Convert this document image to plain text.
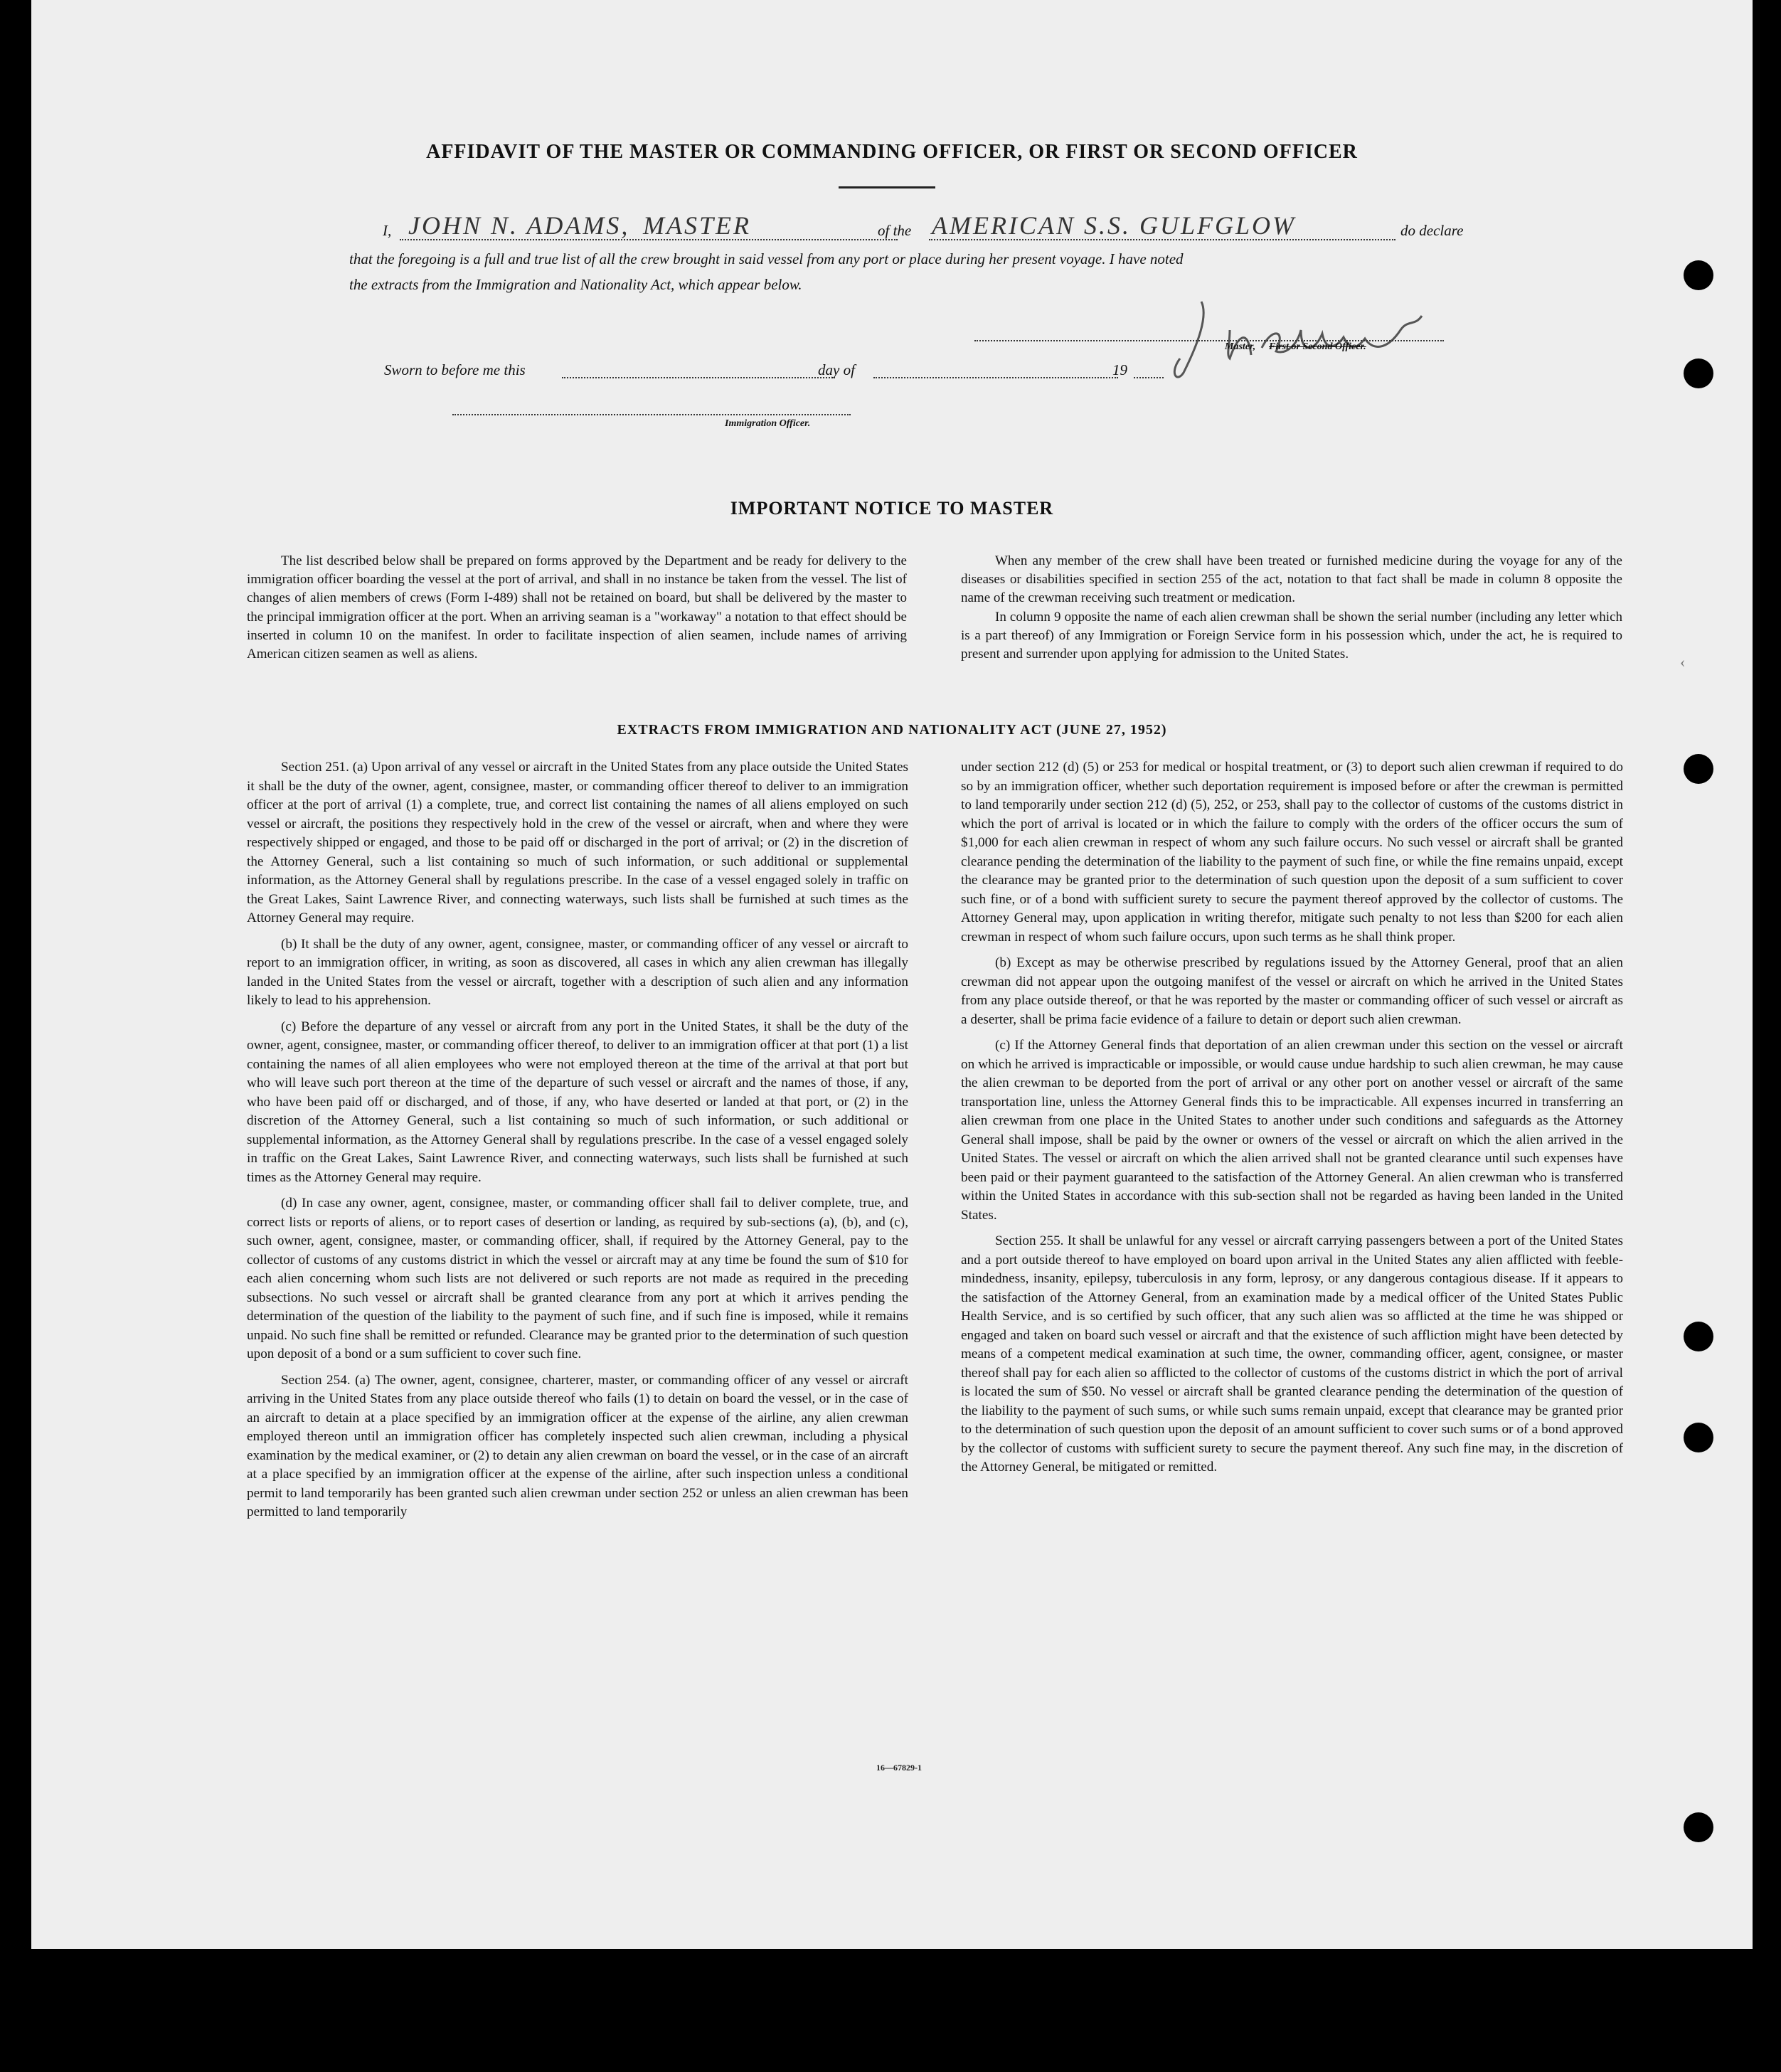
AFFIDAVIT OF THE MASTER OR COMMANDING OFFICER, OR FIRST OR SECOND OFFICER
I, JOHN N. ADAMS, MASTER	of the AMERICAN S.S. GULFGLOW	do declare
that the foregoing is a full and true list of all the crew brought in said vessel from any port or place during her present voyage. I have noted
the extracts from the Immigration and Nationality Act, which appear below.
Master, First or Second Officer.
Sworn to before me this	day of	19
Immigration Officer.
IMPORTANT NOTICE TO MASTER

The list described below shall be prepared on forms approved by the Department and be ready for delivery to the immigration officer boarding the vessel at the port of arrival, and shall in no instance be taken from the vessel. The list of changes of alien members of crews (Form I-489) shall not be retained on board, but shall be delivered by the master to the principal immigration officer at the port. When an arriving seaman is a "workaway" a notation to that effect should be inserted in column 10 on the manifest. In order to facilitate inspection of alien seamen, include names of arriving American citizen seamen as well as aliens.

When any member of the crew shall have been treated or furnished medicine during the voyage for any of the diseases or disabilities specified in section 255 of the act, notation to that fact shall be made in column 8 opposite the name of the crewman receiving such treatment or medication.

In column 9 opposite the name of each alien crewman shall be shown the serial number (including any letter which is a part thereof) of any Immigration or Foreign Service form in his possession which, under the act, he is required to present and surrender upon applying for admission to the United States.

EXTRACTS FROM IMMIGRATION AND NATIONALITY ACT (JUNE 27, 1952)

Section 251. (a) Upon arrival of any vessel or aircraft in the United States from any place outside the United States it shall be the duty of the owner, agent, consignee, master, or commanding officer thereof to deliver to an immigration officer at the port of arrival (1) a complete, true, and correct list containing the names of all aliens employed on such vessel or aircraft, the positions they respectively hold in the crew of the vessel or aircraft, when and where they were respectively shipped or engaged, and those to be paid off or discharged in the port of arrival; or (2) in the discretion of the Attorney General, such a list containing so much of such information, or such additional or supplemental information, as the Attorney General shall by regulations prescribe. In the case of a vessel engaged solely in traffic on the Great Lakes, Saint Lawrence River, and connecting waterways, such lists shall be furnished at such times as the Attorney General may require.

(b) It shall be the duty of any owner, agent, consignee, master, or commanding officer of any vessel or aircraft to report to an immigration officer, in writing, as soon as discovered, all cases in which any alien crewman has illegally landed in the United States from the vessel or aircraft, together with a description of such alien and any information likely to lead to his apprehension.

(c) Before the departure of any vessel or aircraft from any port in the United States, it shall be the duty of the owner, agent, consignee, master, or commanding officer thereof, to deliver to an immigration officer at that port (1) a list containing the names of all alien employees who were not employed thereon at the time of the arrival at that port but who will leave such port thereon at the time of the departure of such vessel or aircraft and the names of those, if any, who have been paid off or discharged, and of those, if any, who have deserted or landed at that port, or (2) in the discretion of the Attorney General, such a list containing so much of such information, or such additional or supplemental information, as the Attorney General shall by regulations prescribe. In the case of a vessel engaged solely in traffic on the Great Lakes, Saint Lawrence River, and connecting waterways, such lists shall be furnished at such times as the Attorney General may require.

(d) In case any owner, agent, consignee, master, or commanding officer shall fail to deliver complete, true, and correct lists or reports of aliens, or to report cases of desertion or landing, as required by sub-sections (a), (b), and (c), such owner, agent, consignee, master, or commanding officer, shall, if required by the Attorney General, pay to the collector of customs of any customs district in which the vessel or aircraft may at any time be found the sum of $10 for each alien concerning whom such lists are not delivered or such reports are not made as required in the preceding subsections. No such vessel or aircraft shall be granted clearance from any port at which it arrives pending the determination of the question of the liability to the payment of such fine, and if such fine is imposed, while it remains unpaid. No such fine shall be remitted or refunded. Clearance may be granted prior to the determination of such question upon deposit of a bond or a sum sufficient to cover such fine.

Section 254. (a) The owner, agent, consignee, charterer, master, or commanding officer of any vessel or aircraft arriving in the United States from any place outside thereof who fails (1) to detain on board the vessel, or in the case of an aircraft to detain at a place specified by an immigration officer at the expense of the airline, any alien crewman employed thereon until an immigration officer has completely inspected such alien crewman, including a physical examination by the medical examiner, or (2) to detain any alien crewman on board the vessel, or in the case of an aircraft at a place specified by an immigration officer at the expense of the airline, after such inspection unless a conditional permit to land temporarily has been granted such alien crewman under section 252 or unless an alien crewman has been permitted to land temporarily

under section 212 (d) (5) or 253 for medical or hospital treatment, or (3) to deport such alien crewman if required to do so by an immigration officer, whether such deportation requirement is imposed before or after the crewman is permitted to land temporarily under section 212 (d) (5), 252, or 253, shall pay to the collector of customs of the customs district in which the port of arrival is located or in which the failure to comply with the orders of the officer occurs the sum of $1,000 for each alien crewman in respect of whom any such failure occurs. No such vessel or aircraft shall be granted clearance pending the determination of the liability to the payment of such fine, or while the fine remains unpaid, except the clearance may be granted prior to the determination of such question upon the deposit of a sum sufficient to cover such fine, or of a bond with sufficient surety to secure the payment thereof approved by the collector of customs. The Attorney General may, upon application in writing therefor, mitigate such penalty to not less than $200 for each alien crewman in respect of whom such failure occurs, upon such terms as he shall think proper.

(b) Except as may be otherwise prescribed by regulations issued by the Attorney General, proof that an alien crewman did not appear upon the outgoing manifest of the vessel or aircraft on which he arrived in the United States from any place outside thereof, or that he was reported by the master or commanding officer of such vessel or aircraft as a deserter, shall be prima facie evidence of a failure to detain or deport such alien crewman.

(c) If the Attorney General finds that deportation of an alien crewman under this section on the vessel or aircraft on which he arrived is impracticable or impossible, or would cause undue hardship to such alien crewman, he may cause the alien crewman to be deported from the port of arrival or any other port on another vessel or aircraft of the same transportation line, unless the Attorney General finds this to be impracticable. All expenses incurred in transferring an alien crewman from one place in the United States to another under such conditions and safeguards as the Attorney General shall impose, shall be paid by the owner or owners of the vessel or aircraft on which the alien arrived in the United States. The vessel or aircraft on which the alien arrived shall not be granted clearance until such expenses have been paid or their payment guaranteed to the satisfaction of the Attorney General. An alien crewman who is transferred within the United States in accordance with this sub-section shall not be regarded as having been landed in the United States.

Section 255. It shall be unlawful for any vessel or aircraft carrying passengers between a port of the United States and a port outside thereof to have employed on board upon arrival in the United States any alien afflicted with feeble-mindedness, insanity, epilepsy, tuberculosis in any form, leprosy, or any dangerous contagious disease. If it appears to the satisfaction of the Attorney General, from an examination made by a medical officer of the United States Public Health Service, and is so certified by such officer, that any such alien was so afflicted at the time he was shipped or engaged and taken on board such vessel or aircraft and that the existence of such affliction might have been detected by means of a competent medical examination at such time, the owner, commanding officer, agent, consignee, or master thereof shall pay for each alien so afflicted to the collector of customs of the customs district in which the port of arrival is located the sum of $50. No vessel or aircraft shall be granted clearance pending the determination of the question of the liability to the payment of such sums, or while such sums remain unpaid, except that clearance may be granted prior to the determination of such question upon the deposit of an amount sufficient to cover such sums or of a bond approved by the collector of customs with sufficient surety to secure the payment thereof. Any such fine may, in the discretion of the Attorney General, be mitigated or remitted.

16—67829-1
‹
